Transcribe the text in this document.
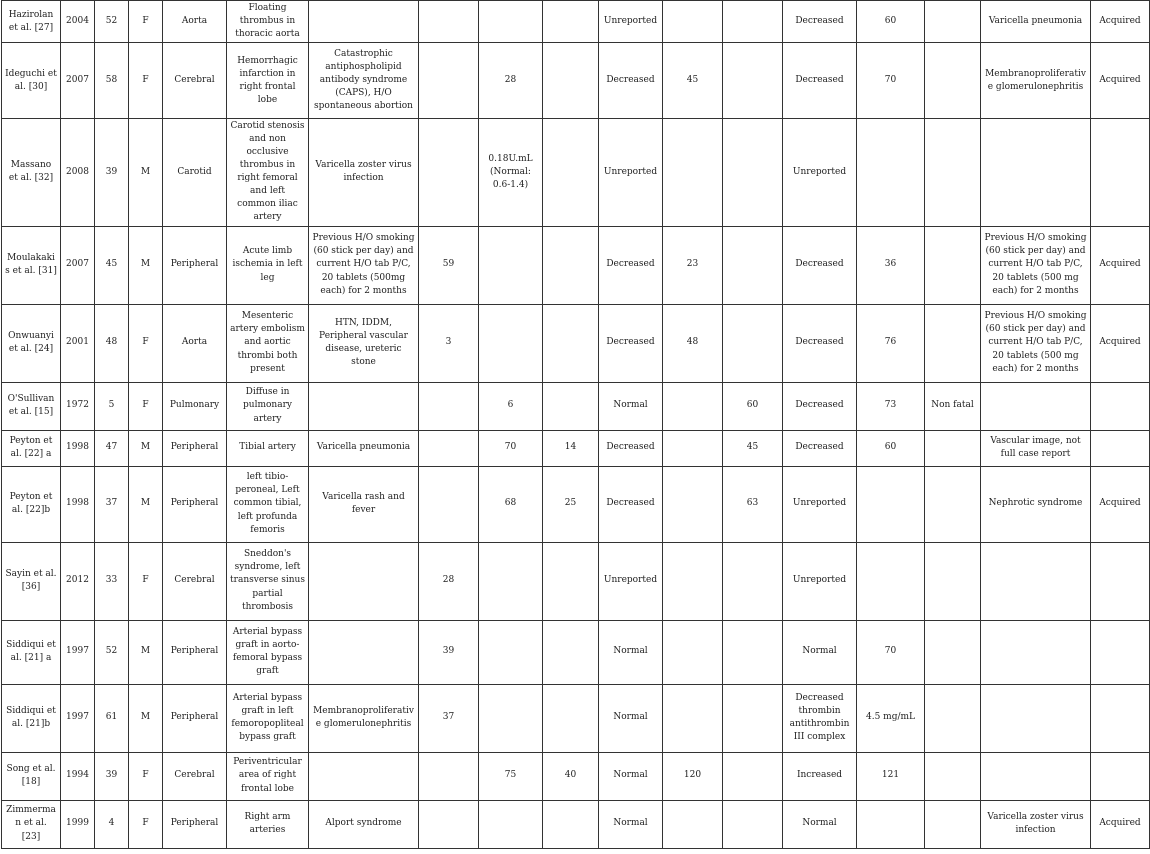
Hazirolan et al. [27]	2004	52	F	Aorta	Floating thrombus in thoracic aorta					Unreported			Decreased	60		Varicella pneumonia	Acquired
Ideguchi et al. [30]	2007	58	F	Cerebral	Hemorrhagic infarction in right frontal lobe	Catastrophic antiphospholipid antibody syndrome (CAPS), H/O spontaneous abortion		28		Decreased	45		Decreased	70		Membranoproliferative glomerulonephritis	Acquired
Massano et al. [32]	2008	39	M	Carotid	Carotid stenosis and non occlusive thrombus in right femoral and left common iliac artery	Varicella zoster virus infection		0.18U.mL (Normal: 0.6-1.4)		Unreported			Unreported				
Moulakakis et al. [31]	2007	45	M	Peripheral	Acute limb ischemia in left leg	Previous H/O smoking (60 stick per day) and current H/O tab P/C, 20 tablets (500mg each) for 2 months	59			Decreased	23		Decreased	36		Previous H/O smoking (60 stick per day) and current H/O tab P/C, 20 tablets (500 mg each) for 2 months	Acquired
Onwuanyi et al. [24]	2001	48	F	Aorta	Mesenteric artery embolism and aortic thrombi both present	HTN, IDDM, Peripheral vascular disease, ureteric stone	3			Decreased	48		Decreased	76		Previous H/O smoking (60 stick per day) and current H/O tab P/C, 20 tablets (500 mg each) for 2 months	Acquired
O'Sullivan et al. [15]	1972	5	F	Pulmonary	Diffuse in pulmonary artery			6		Normal		60	Decreased	73	Non fatal		
Peyton et al. [22] a	1998	47	M	Peripheral	Tibial artery	Varicella pneumonia		70	14	Decreased		45	Decreased	60		Vascular image, not full case report	
Peyton et al. [22]b	1998	37	M	Peripheral	left tibio-peroneal, Left common tibial, left profunda femoris	Varicella rash and fever		68	25	Decreased		63	Unreported			Nephrotic syndrome	Acquired
Sayin et al. [36]	2012	33	F	Cerebral	Sneddon's syndrome, left transverse sinus partial thrombosis		28			Unreported			Unreported				
Siddiqui et al. [21] a	1997	52	M	Peripheral	Arterial bypass graft in aorto-femoral bypass graft		39			Normal			Normal	70			
Siddiqui et al. [21]b	1997	61	M	Peripheral	Arterial bypass graft in left femoropopliteal bypass graft	Membranoproliferative glomerulonephritis	37			Normal			Decreased thrombin antithrombin III complex	4.5 mg/mL			
Song et al. [18]	1994	39	F	Cerebral	Periventricular area of right frontal lobe			75	40	Normal	120		Increased	121			
Zimmerman et al. [23]	1999	4	F	Peripheral	Right arm arteries	Alport syndrome				Normal			Normal			Varicella zoster virus infection	Acquired
